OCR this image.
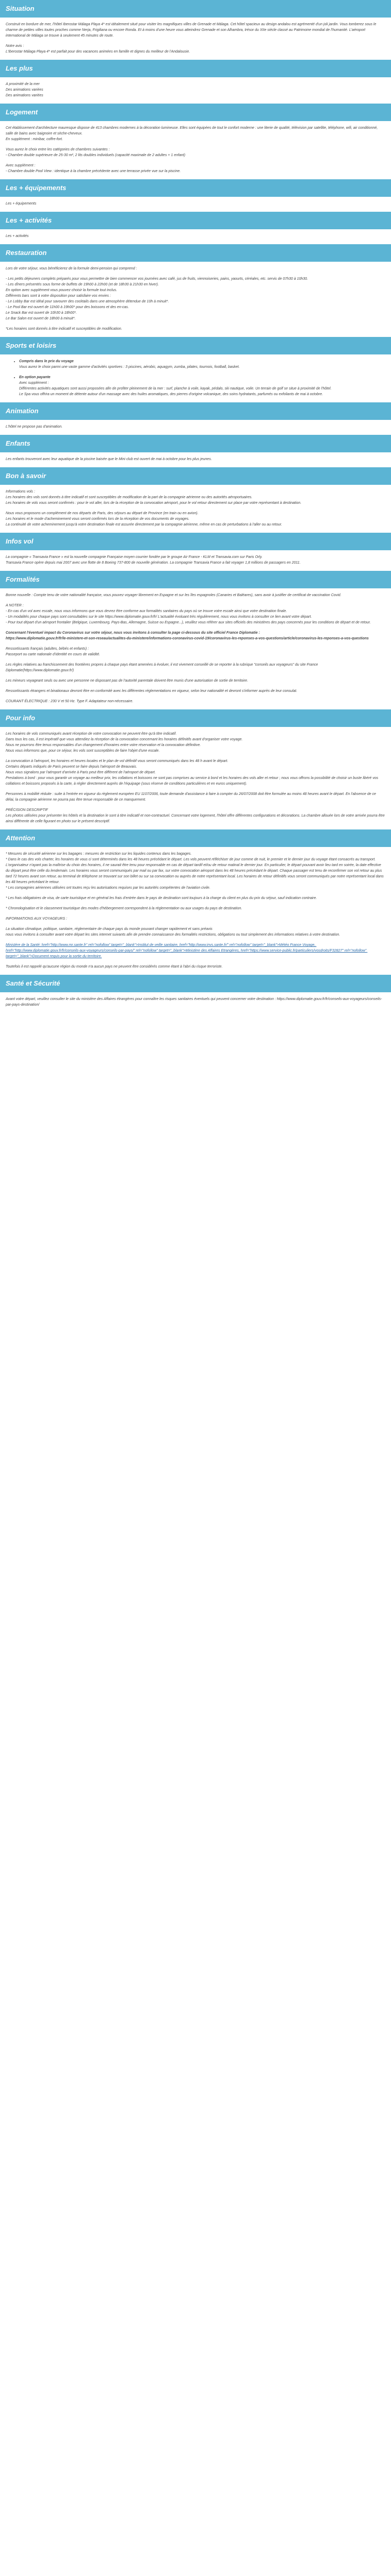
Situation

Construit en bordure de mer, l'hôtel Iberostar Málaga Playa 4* est idéalement situé pour visiter les magnifiques villes de Grenade et Málaga. Cet hôtel spacieux au design andalou est agrémenté d'un joli jardin. Vous tomberez sous le charme de petites villes toutes proches comme Nerja, Frigiliana ou encore Ronda. Et à moins d'une heure vous atteindrez Grenade et son Alhambra, trésor du XIIe siècle classé au Patrimoine mondial de l'humanité. L'aéroport international de Málaga se trouve à seulement 45 minutes de route.

Notre avis :
L'Iberostar Málaga Playa 4* est parfait pour des vacances animées en famille et dignes du meilleur de l'Andalousie.

Les plus

A proximité de la mer
Des animations variées
Des animations variées

Logement

Cet établissement d'architecture mauresque dispose de 413 chambres modernes à la décoration lumineuse. Elles sont équipées de tout le confort moderne : une literie de qualité, télévision par satellite, téléphone, wifi, air conditionné, salle de bains avec baignoire et sèche-cheveux.
En supplément : minibar, coffre-fort.

Vous aurez le choix entre les catégories de chambres suivantes :
- Chambre double supérieure de 25-30 m², 2 lits doubles individuels (capacité maximale de 2 adultes + 1 enfant)

Avec supplément :
- Chambre double Pool View : identique à la chambre précédente avec une terrasse privée vue sur la piscine.

Les + équipements

Les + équipements

Les + activités

Les + activités

Restauration

Lors de votre séjour, vous bénéficierez de la formule demi-pension qui comprend :

- Les petits déjeuners complets préparés pour vous permettre de bien commencer vos journées avec café, jus de fruits, viennoiseries, pains, yaourts, céréales, etc. servis de 07h30 à 10h30.
- Les dîners présentés sous forme de buffets de 19h00 à 22h00 (et de 18h30 à 21h30 en hiver).
En option avec supplément vous pouvez choisir la formule tout inclus.
Différents bars sont à votre disposition pour satisfaire vos envies :
- Le Lobby Bar est idéal pour savourer des cocktails dans une atmosphère détendue de 10h à minuit*.
- Le Pool Bar est ouvert de 11h00 à 19h00* pour des boissons et des en-cas.
Le Snack Bar est ouvert de 10h30 à 18h00*.
Le Bar Salon est ouvert de 18h00 à minuit*.

*Les horaires sont donnés à titre indicatif et susceptibles de modification.

Sports et loisirs
• Compris dans le prix du voyage

Vous aurez le choix parmi une vaste gamme d'activités sportives : 3 piscines, aérobic, aquagym, zumba, pilates, tournois, football, basket.

• En option payante

Avec supplément :
Différentes activités aquatiques sont aussi proposées afin de profiter pleinement de la mer : surf, planche à voile, kayak, pédalo, ski nautique, voile. Un terrain de golf se situe à proximité de l'hôtel.
Le Spa vous offrira un moment de détente autour d'un massage avec des huiles aromatiques, des pierres d'origine volcanique, des soins hydratants, parfumés ou exfoliants de mai à octobre.

Animation

L'hôtel ne propose pas d'animation.

Enfants

Les enfants trouveront avec leur aquatique de la piscine baisée que le Mini club est ouvert de mai à octobre pour les plus jeunes.

Bon à savoir

Informations vols :
Les horaires des vols sont donnés à titre indicatif et sont susceptibles de modification de la part de la compagnie aérienne ou des autorités aéroportuaires.
Les horaires de vols vous seront confirmés : pour le vol aller, lors de la réception de la convocation aéroport, pour le vol retour directement sur place par votre représentant à destination.

Nous vous proposons un complément de nos départs de Paris, des séjours au départ de Province (en train ou en avion).
Les horaires et le mode d'acheminement vous seront confirmés lors de la réception de vos documents de voyages.
La continuité de votre acheminement jusqu'à votre destination finale est assurée directement par la compagnie aérienne, même en cas de perturbations à l'aller ou au retour.

Infos vol

La compagnie « Transavia France » est la nouvelle compagnie Française moyen courrier fondée par le groupe Air France - KLM et Transavia.com sur Paris Orly.
Transavia France opère depuis mai 2007 avec une flotte de 8 Boeing 737-800 de nouvelle génération. La compagnie Transavia France a fait voyager 1,8 millions de passagers en 2011.

Formalités

Bonne nouvelle : Compte tenu de votre nationalité française, vous pouvez voyager librement en Espagne et sur les îles espagnoles (Canaries et Baléares), sans avoir à justifier de certificat de vaccination Covid.

A NOTER :
- En cas d'un vol avec escale, nous vous informons que vous devrez être conforme aux formalités sanitaires du pays où se trouve votre escale ainsi que votre destination finale.
- Un modalités pour chaque pays sont consultables sur le site https://www.diplomatie.gouv.fr/fr/ L'actualité évoluant très régulièrement, nous vous invitons à consulter ce lien avant votre départ.
- Pour tout départ d'un aéroport frontalier (Belgique, Luxembourg, Pays-Bas, Allemagne, Suisse ou Espagne...), veuillez vous référer aux sites officiels des ministères des pays concernés pour les conditions de départ et de retour.

Concernant l'éventuel impact du Coronavirus sur votre séjour, nous vous invitons à consulter la page ci-dessous du site officiel France Diplomatie :
https://www.diplomatie.gouv.fr/fr/le-ministere-et-son-reseau/actualites-du-ministere/informations-coronavirus-covid-19/coronavirus-les-reponses-a-vos-questions/article/coronavirus-les-reponses-a-vos-questions

Ressortissants français (adultes, bébés et enfants) :
Passeport ou carte nationale d'identité en cours de validité.

Les règles relatives au franchissement des frontières propres à chaque pays étant amenées à évoluer, il est vivement conseillé de se reporter à la rubrique "conseils aux voyageurs" du site France Diplomatie(https://www.diplomatie.gouv.fr/)

Les mineurs voyageant seuls ou avec une personne ne disposant pas de l'autorité parentale doivent être munis d'une autorisation de sortie de territoire.

Ressortissants étrangers et binationaux devront être en conformité avec les différentes réglementations en vigueur, selon leur nationalité et devront s'informer auprès de leur consulat.

COURANT ÉLECTRIQUE : 230 V et 50 Hz. Type F. Adaptateur non-nécessaire.

Pour info

Les horaires de vols communiqués avant réception de votre convocation ne peuvent être qu'à titre indicatif.
Dans tous les cas, il est impératif que vous attendiez la réception de la convocation concernant les horaires définitifs avant d'organiser votre voyage.
Nous ne pourrons être tenus responsables d'un changement d'horaires entre votre réservation et la convocation définitive.
Nous vous informons que, pour ce séjour, les vols sont susceptibles de faire l'objet d'une escale.

La convocation à l'aéroport, les horaires et heures locales et le plan de vol définitif vous seront communiqués dans les 48 h avant le départ.
Certains départs indiqués de Paris peuvent se faire depuis l'aéroport de Beauvais.
Nous vous signalons par l'aéroport d'arrivée à Paris peut être différent de l'aéroport de départ.
Prestations à bord : pour vous garantir un voyage au meilleur prix, les collations et boissons ne sont pas comprises au service à bord et les horaires des vols aller et retour ; nous vous offrons la possibilité de choisir un buste libéré vos collations et boissons proposés à la carte, à régler directement auprès de l'équipage (sous réserve de conditions particulières et en euros uniquement).

Personnes à mobilité réduite : suite à l'entrée en vigueur du règlement européen EU 1107/2006, toute demande d'assistance à faire à compter du 26/07/2008 doit être formulée au moins 48 heures avant le départ. En l'absence de ce délai, la compagnie aérienne ne pourra pas être tenue responsable de ce manquement.

PRÉCISION DESCRIPTIF
Les photos utilisées pour présenter les hôtels et la destination le sont à titre indicatif et non-contractuel. Concernant votre logement, l'hôtel offre différentes configurations et décorations. La chambre allouée lors de votre arrivée pourra être ainsi différente de celle figurant en photo sur le présent descriptif.

Attention

* Mesures de sécurité aérienne sur les bagages : mesures de restriction sur les liquides contenus dans les bagages.
* Dans le cas des vols charter, les horaires de vous ci sont déterminés dans les 48 heures précédant le départ. Les vols peuvent réfléchiser de jour comme de nuit, le premier et le dernier jour du voyage étant consacrés au transport. L'organisateur n'ayant pas la maîtrise du choix des horaires, il ne saurait être tenu pour responsable en cas de départ tardif et/ou de retour matinal le dernier jour. En particulier, le départ pouvant avoir lieu tard en soirée, la date effective du départ peut être celle du lendemain. Les horaires vous seront communiqués par mail ou par fax, sur votre convocation aéroport dans les 48 heures précédant le départ. Chaque passager est tenu de reconfirmer son vol retour au plus tard 72 heures avant son retour, au terminal de téléphone se trouvant sur son billet ou sur sa convocation ou auprès de notre représentant local. Les horaires de retour définitifs vous seront communiqués par notre représentant local dans les 48 heures précédant le retour.
* Les compagnies aériennes utilisées ont toutes reçu les autorisations requises par les autorités compétentes de l'aviation civile.

* Les frais obligatoires de visa, de carte touristique et en général les frais d'entrée dans le pays de destination sont toujours à la charge du client en plus du prix du séjour, sauf indication contraire.

* Chronologisation et le classement touristique des modes d'hébergement correspondent à la réglementation ou aux usages du pays de destination.

INFORMATIONS AUX VOYAGEURS :

La situation climatique, politique, sanitaire, réglementaire de chaque pays du monde pouvant changer rapidement et sans préavis
nous vous invitons à consulter avant votre départ les sites internet suivants afin de prendre connaissance des formalités restrictions, obligations ou tout simplement des informations relatives à votre destination.

Ministère de la Santé: href="http://www.mr.sante.fr" rel="nofollow" target="_blank">Institut de veille sanitaire, href="http://www.invs.sante.fr/" rel="nofollow" target="_blank">Météo France Voyage, href="http://www.diplomatie.gouv.fr/fr/conseils-aux-voyageurs/conseils-par-pays/" rel="nofollow" target="_blank">Ministère des Affaires Etrangères, href="https://www.service-public.fr/particuliers/vosdroits/F32827" rel="nofollow" target="_blank">Document requis pour la sortie du territoire.

Toutefois il est rappelé qu'aucune région du monde n'a aucun pays ne peuvent être considérés comme étant à l'abri du risque terroriste.

Santé et Sécurité

Avant votre départ, veuillez consulter le site du ministère des Affaires étrangères pour connaître les risques sanitaires éventuels qui peuvent concerner votre destination : https://www.diplomatie.gouv.fr/fr/conseils-aux-voyageurs/conseils-par-pays-destination/
